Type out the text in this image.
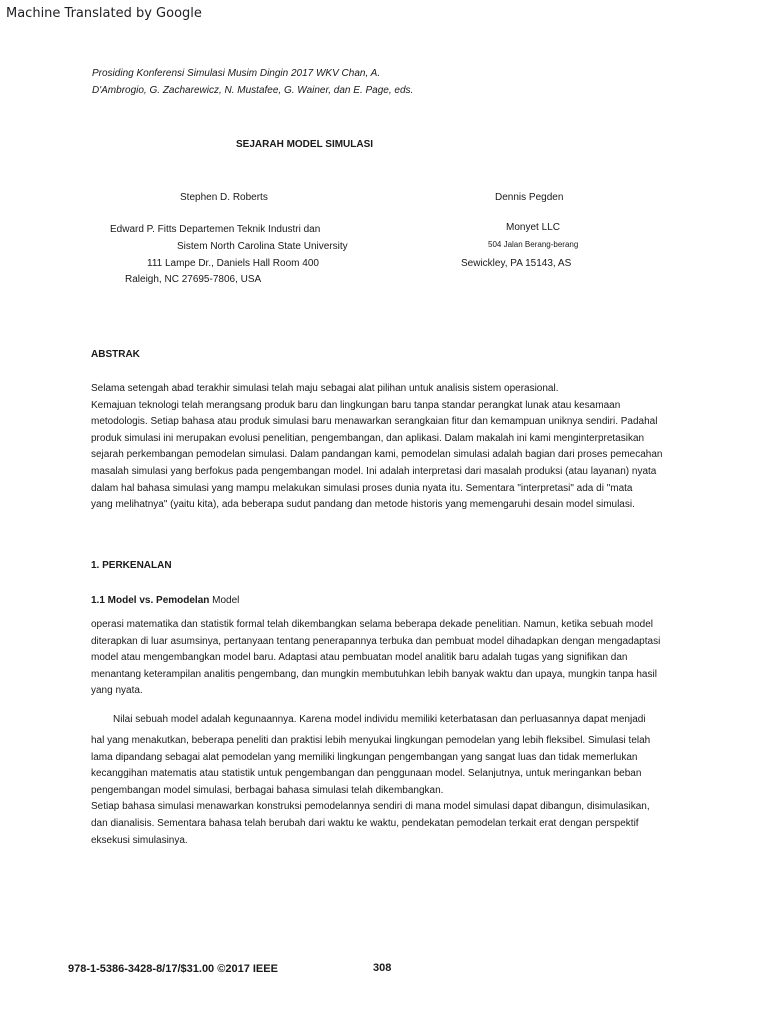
Machine Translated by Google
Prosiding Konferensi Simulasi Musim Dingin 2017 WKV Chan, A.
D'Ambrogio, G. Zacharewicz, N. Mustafee, G. Wainer, dan E. Page, eds.
SEJARAH MODEL SIMULASI
Stephen D. Roberts
Edward P. Fitts Departemen Teknik Industri dan
Sistem North Carolina State University
111 Lampe Dr., Daniels Hall Room 400
Raleigh, NC 27695-7806, USA
Dennis Pegden
Monyet LLC
504 Jalan Berang-berang
Sewickley, PA 15143, AS
ABSTRAK
Selama setengah abad terakhir simulasi telah maju sebagai alat pilihan untuk analisis sistem operasional.
Kemajuan teknologi telah merangsang produk baru dan lingkungan baru tanpa standar perangkat lunak atau kesamaan
metodologis. Setiap bahasa atau produk simulasi baru menawarkan serangkaian fitur dan kemampuan uniknya sendiri. Padahal
produk simulasi ini merupakan evolusi penelitian, pengembangan, dan aplikasi. Dalam makalah ini kami menginterpretasikan
sejarah perkembangan pemodelan simulasi. Dalam pandangan kami, pemodelan simulasi adalah bagian dari proses pemecahan
masalah simulasi yang berfokus pada pengembangan model. Ini adalah interpretasi dari masalah produksi (atau layanan) nyata
dalam hal bahasa simulasi yang mampu melakukan simulasi proses dunia nyata itu. Sementara "interpretasi" ada di "mata
yang melihatnya" (yaitu kita), ada beberapa sudut pandang dan metode historis yang memengaruhi desain model simulasi.
1. PERKENALAN
1.1 Model vs. Pemodelan Model
operasi matematika dan statistik formal telah dikembangkan selama beberapa dekade penelitian. Namun, ketika sebuah model
diterapkan di luar asumsinya, pertanyaan tentang penerapannya terbuka dan pembuat model dihadapkan dengan mengadaptasi
model atau mengembangkan model baru. Adaptasi atau pembuatan model analitik baru adalah tugas yang signifikan dan
menantang keterampilan analitis pengembang, dan mungkin membutuhkan lebih banyak waktu dan upaya, mungkin tanpa hasil
yang nyata.
Nilai sebuah model adalah kegunaannya. Karena model individu memiliki keterbatasan dan perluasannya dapat menjadi
hal yang menakutkan, beberapa peneliti dan praktisi lebih menyukai lingkungan pemodelan yang lebih fleksibel. Simulasi telah
lama dipandang sebagai alat pemodelan yang memiliki lingkungan pengembangan yang sangat luas dan tidak memerlukan
kecanggihan matematis atau statistik untuk pengembangan dan penggunaan model. Selanjutnya, untuk meringankan beban
pengembangan model simulasi, berbagai bahasa simulasi telah dikembangkan.
Setiap bahasa simulasi menawarkan konstruksi pemodelannya sendiri di mana model simulasi dapat dibangun, disimulasikan,
dan dianalisis. Sementara bahasa telah berubah dari waktu ke waktu, pendekatan pemodelan terkait erat dengan perspektif
eksekusi simulasinya.
978-1-5386-3428-8/17/$31.00 ©2017 IEEE	308
